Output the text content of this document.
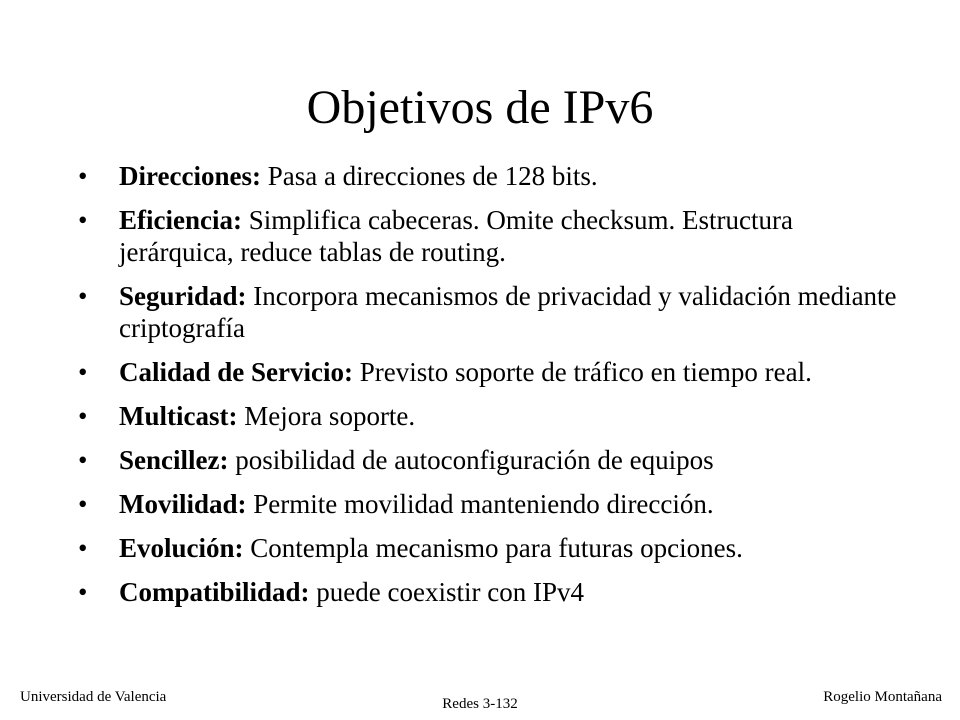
Objetivos de IPv6
• Direcciones: Pasa a direcciones de 128 bits.
• Eficiencia: Simplifica cabeceras. Omite checksum. Estructura jerárquica, reduce tablas de routing.
• Seguridad: Incorpora mecanismos de privacidad y validación mediante criptografía
• Calidad de Servicio: Previsto soporte de tráfico en tiempo real.
• Multicast: Mejora soporte.
• Sencillez: posibilidad de autoconfiguración de equipos
• Movilidad: Permite movilidad manteniendo dirección.
• Evolución: Contempla mecanismo para futuras opciones.
• Compatibilidad: puede coexistir con IPv4
Universidad de Valencia	Redes 3-132	Rogelio Montañana
